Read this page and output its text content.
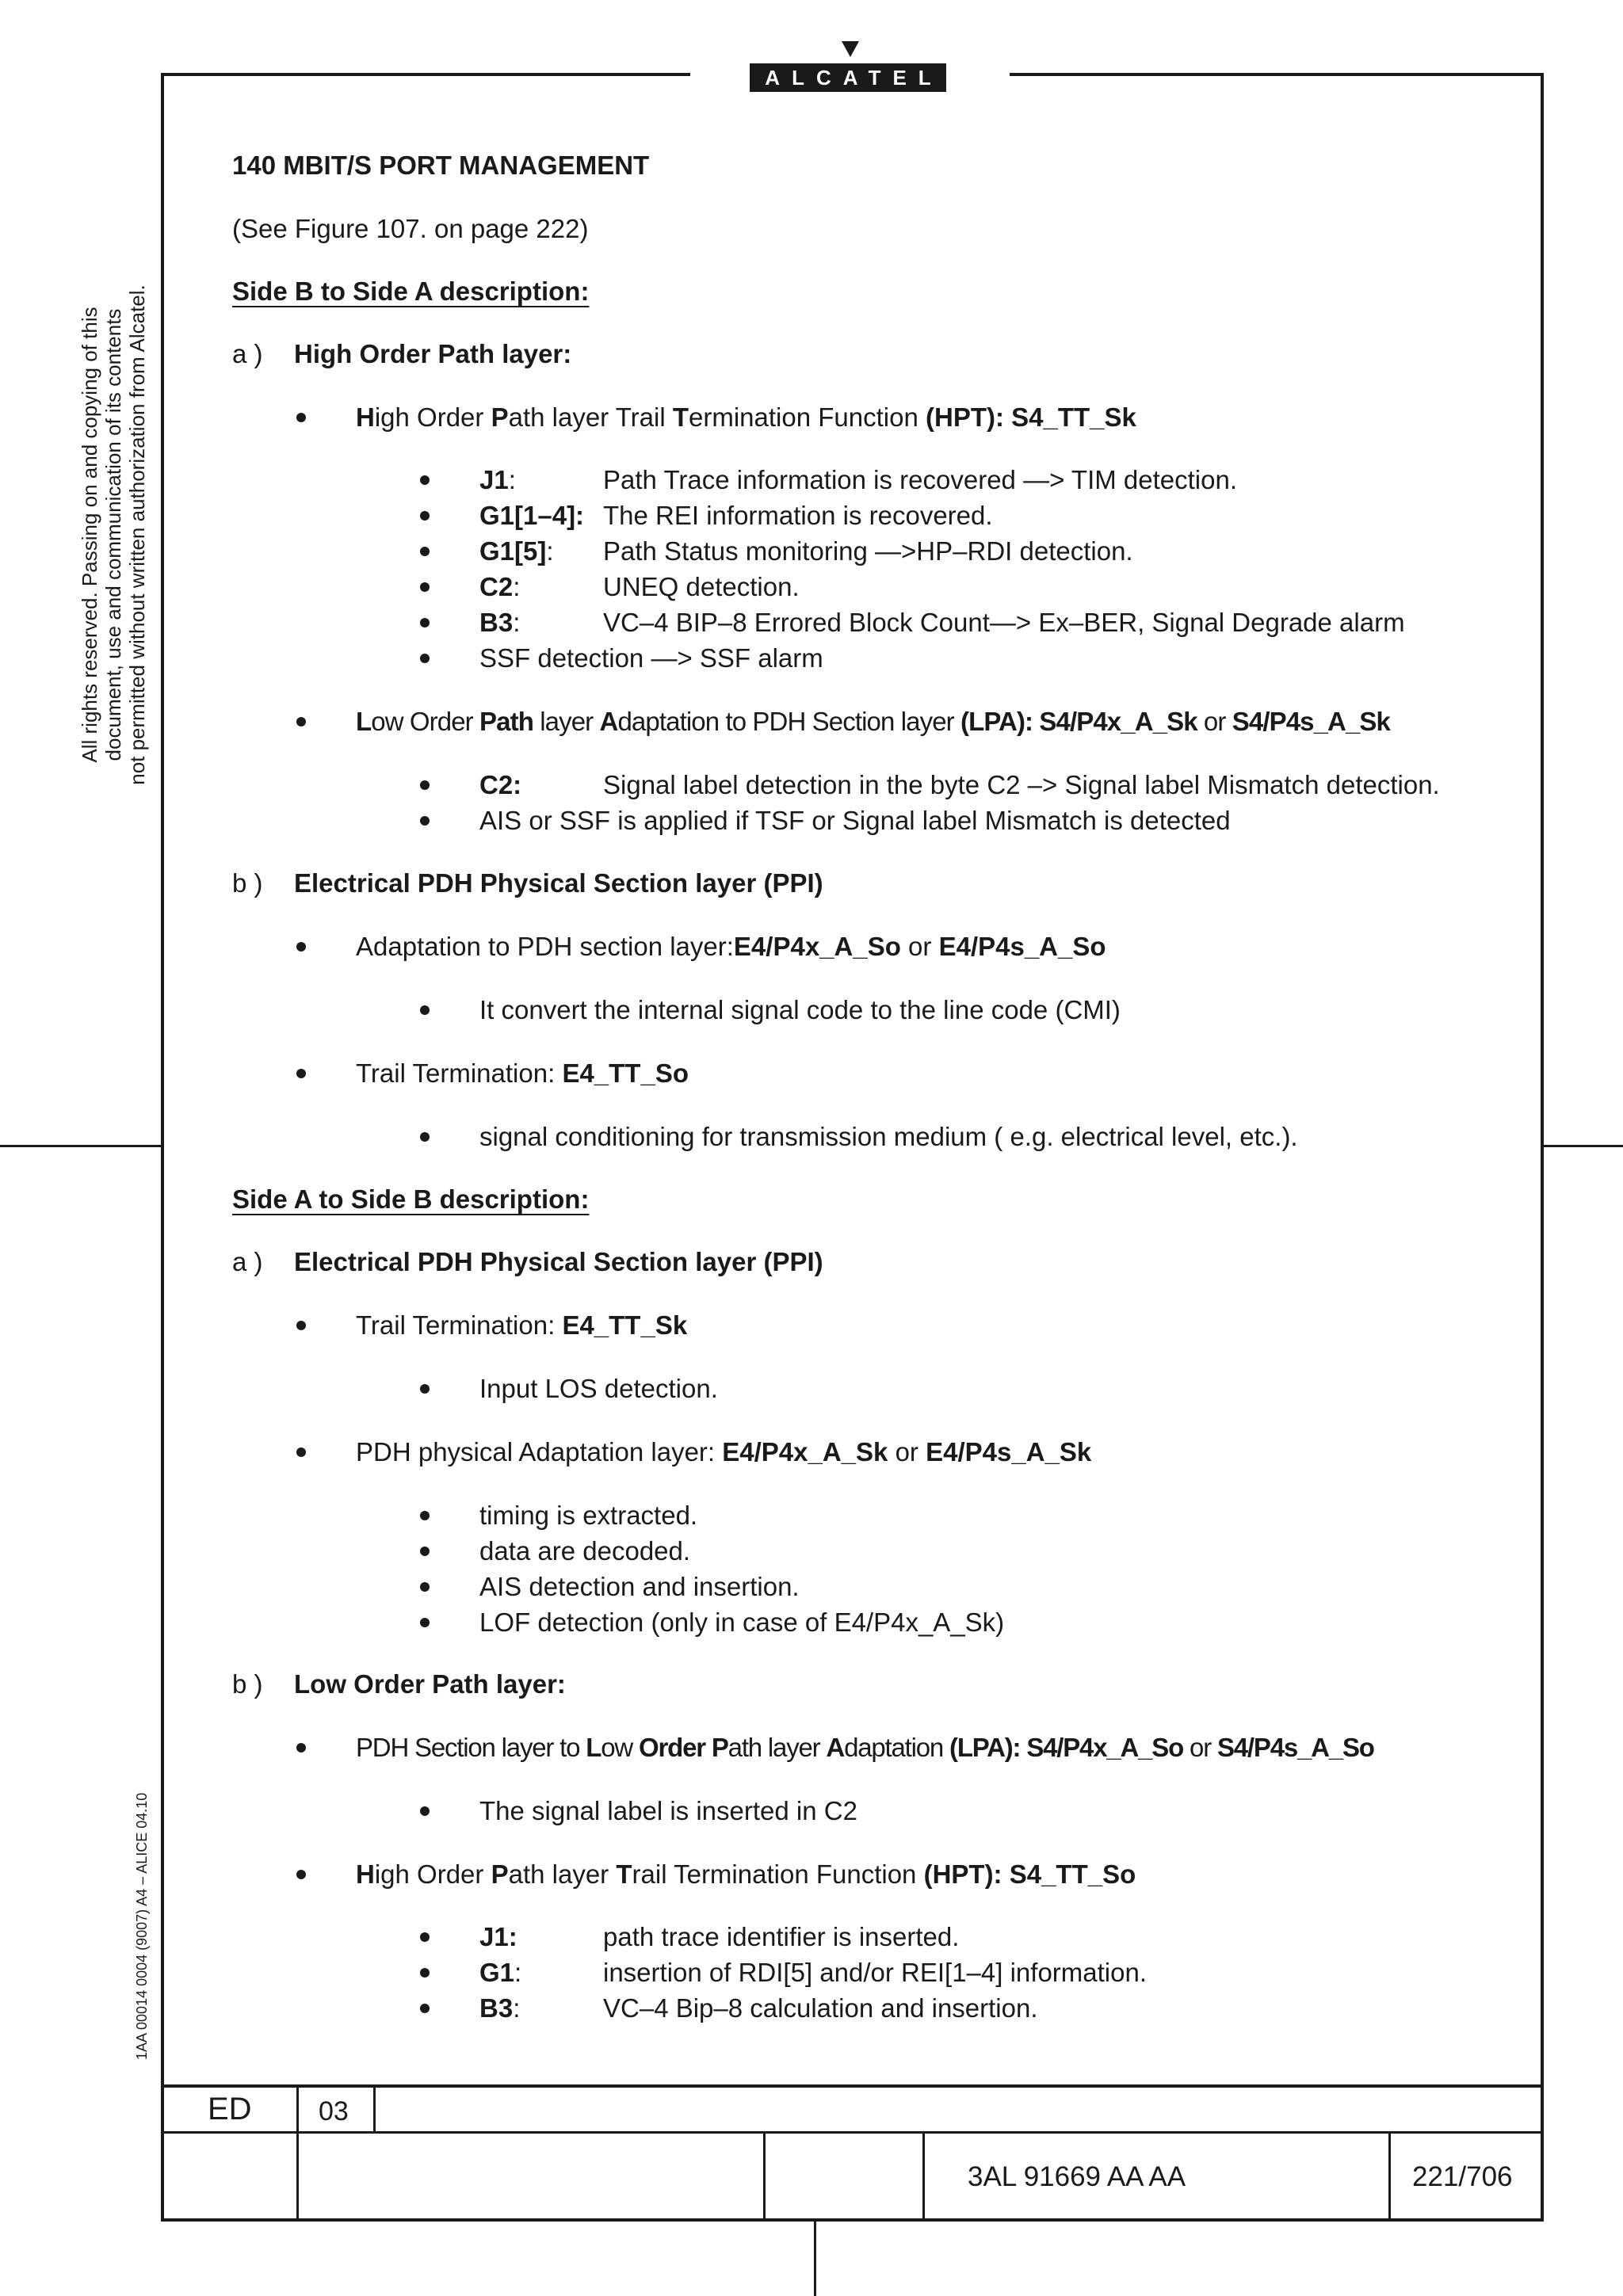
ALCATEL
All rights reserved. Passing on and copying of this document, use and communication of its contents not permitted without written authorization from Alcatel.
1AA 00014 0004 (9007) A4 – ALICE 04.10
140 MBIT/S PORT MANAGEMENT
(See Figure 107. on page 222)
Side B to Side A description:
a ) High Order Path layer:
High Order Path layer Trail Termination Function (HPT): S4_TT_Sk
J1:	Path Trace information is recovered —> TIM detection.
G1[1–4]: The REI information is recovered.
G1[5]: Path Status monitoring —>HP–RDI detection.
C2:	UNEQ detection.
B3:	VC–4 BIP–8 Errored Block Count—> Ex–BER, Signal Degrade alarm
SSF detection —> SSF alarm
Low Order Path layer Adaptation to PDH Section layer (LPA): S4/P4x_A_Sk or S4/P4s_A_Sk
C2:	Signal label detection in the byte C2 –> Signal label Mismatch detection.
AIS or SSF is applied if TSF or Signal label Mismatch is detected
b ) Electrical PDH Physical Section layer (PPI)
Adaptation to PDH section layer:E4/P4x_A_So or E4/P4s_A_So
It convert the internal signal code to the line code (CMI)
Trail Termination: E4_TT_So
signal conditioning for transmission medium ( e.g. electrical level, etc.).
Side A to Side B description:
a ) Electrical PDH Physical Section layer (PPI)
Trail Termination: E4_TT_Sk
Input LOS detection.
PDH physical Adaptation layer: E4/P4x_A_Sk or E4/P4s_A_Sk
timing is extracted.
data are decoded.
AIS detection and insertion.
LOF detection (only in case of E4/P4x_A_Sk)
b ) Low Order Path layer:
PDH Section layer to Low Order Path layer Adaptation (LPA): S4/P4x_A_So or S4/P4s_A_So
The signal label is inserted in C2
High Order Path layer Trail Termination Function (HPT): S4_TT_So
J1:	path trace identifier is inserted.
G1:	insertion of RDI[5] and/or REI[1–4] information.
B3:	VC–4 Bip–8 calculation and insertion.
ED 03
3AL 91669 AA AA	221/706
